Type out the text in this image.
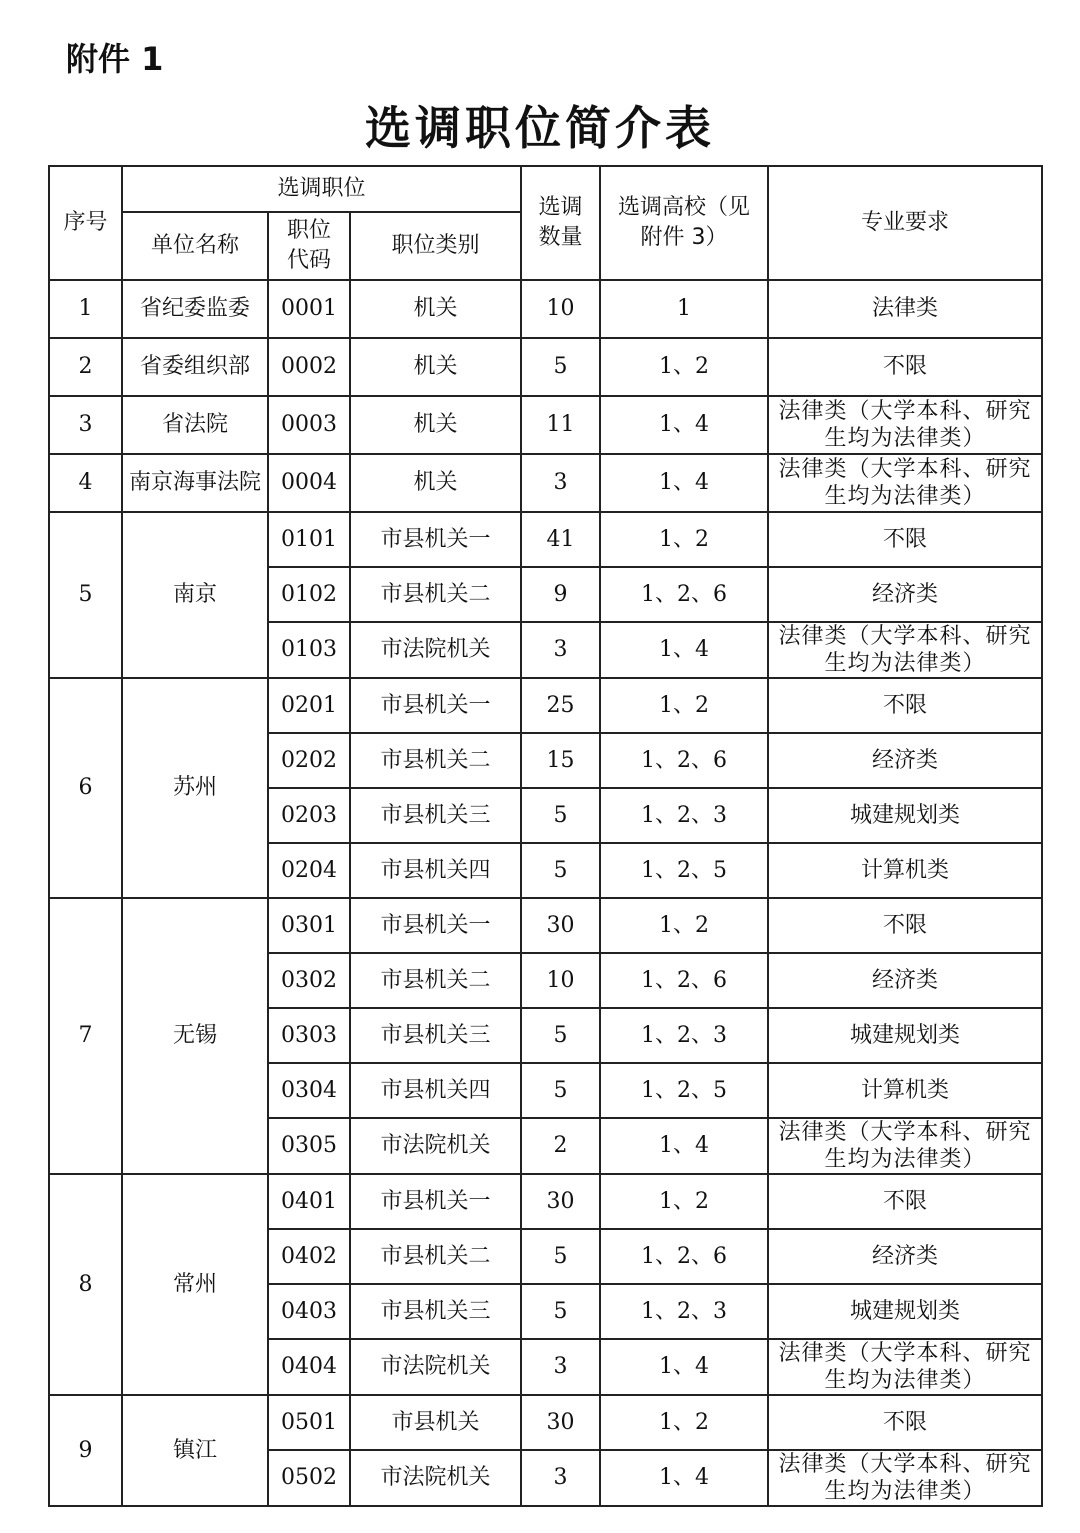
附件 1
选调职位简介表
序号	选调职位			选调数量	选调高校（见附件 3）	专业要求
	单位名称	职位代码	职位类别			
1	省纪委监委	0001	机关	10	1	法律类
2	省委组织部	0002	机关	5	1、2	不限
3	省法院	0003	机关	11	1、4	法律类（大学本科、研究生均为法律类）
4	南京海事法院	0004	机关	3	1、4	法律类（大学本科、研究生均为法律类）
5	南京	0101	市县机关一	41	1、2	不限
		0102	市县机关二	9	1、2、6	经济类
		0103	市法院机关	3	1、4	法律类（大学本科、研究生均为法律类）
6	苏州	0201	市县机关一	25	1、2	不限
		0202	市县机关二	15	1、2、6	经济类
		0203	市县机关三	5	1、2、3	城建规划类
		0204	市县机关四	5	1、2、5	计算机类
7	无锡	0301	市县机关一	30	1、2	不限
		0302	市县机关二	10	1、2、6	经济类
		0303	市县机关三	5	1、2、3	城建规划类
		0304	市县机关四	5	1、2、5	计算机类
		0305	市法院机关	2	1、4	法律类（大学本科、研究生均为法律类）
8	常州	0401	市县机关一	30	1、2	不限
		0402	市县机关二	5	1、2、6	经济类
		0403	市县机关三	5	1、2、3	城建规划类
		0404	市法院机关	3	1、4	法律类（大学本科、研究生均为法律类）
9	镇江	0501	市县机关	30	1、2	不限
		0502	市法院机关	3	1、4	法律类（大学本科、研究生均为法律类）
